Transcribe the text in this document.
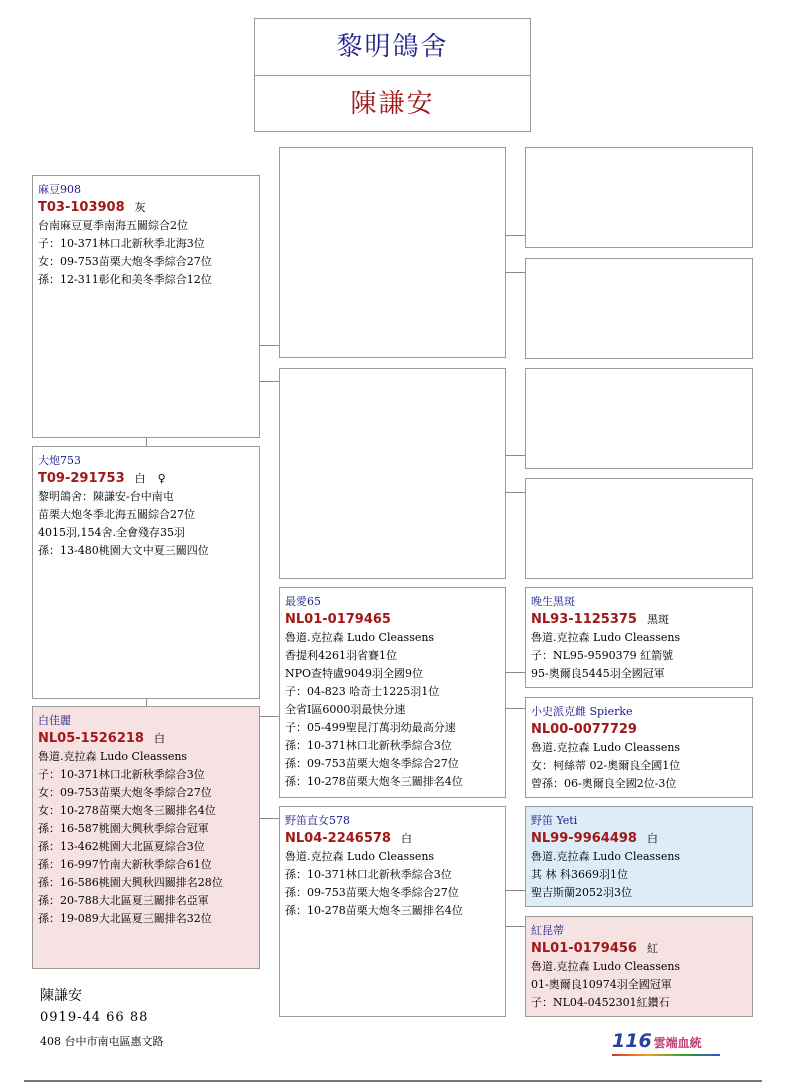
黎明鴿舍
陳謙安
麻豆908
T03-103908 灰
台南麻豆夏季南海五關綜合2位
子：10-371林口北新秋季北海3位
女：09-753苗栗大炮冬季綜合27位
孫：12-311彰化和美冬季綜合12位
大炮753
T09-291753 白 ♀
黎明鴿舍：陳謙安-台中南屯
苗栗大炮冬季北海五關綜合27位
4015羽,154舍.全會殘存35羽
孫：13-480桃園大文中夏三關四位
白佳麗
NL05-1526218 白
魯道.克拉森 Ludo Cleassens
子：10-371林口北新秋季綜合3位
女：09-753苗栗大炮冬季綜合27位
女：10-278苗栗大炮冬三關排名4位
孫：16-587桃園大興秋季綜合冠軍
孫：13-462桃園大北區夏綜合3位
孫：16-997竹南大新秋季綜合61位
孫：16-586桃園大興秋四關排名28位
孫：20-788大北區夏三關排名亞軍
孫：19-089大北區夏三關排名32位
最愛65
NL01-0179465
魯道.克拉森 Ludo Cleassens
香提利4261羽省賽1位
NPO查特盧9049羽全國9位
子：04-823 哈奇士1225羽1位
全省I區6000羽最快分速
子：05-499聖昆汀萬羽幼最高分速
孫：10-371林口北新秋季綜合3位
孫：09-753苗栗大炮冬季綜合27位
孫：10-278苗栗大炮冬三關排名4位
野笛直女578
NL04-2246578 白
魯道.克拉森 Ludo Cleassens
孫：10-371林口北新秋季綜合3位
孫：09-753苗栗大炮冬季綜合27位
孫：10-278苗栗大炮冬三關排名4位
晚生黑斑
NL93-1125375 黑斑
魯道.克拉森 Ludo Cleassens
子：NL95-9590379 紅箭號
95-奧爾良5445羽全國冠軍
小史派克雌 Spierke
NL00-0077729
魯道.克拉森 Ludo Cleassens
女：柯絲蒂 02-奧爾良全國1位
曾孫：06-奧爾良全國2位-3位
野笛 Yeti
NL99-9964498 白
魯道.克拉森 Ludo Cleassens
其 林 科3669羽1位
聖吉斯蘭2052羽3位
紅昆蒂
NL01-0179456 紅
魯道.克拉森 Ludo Cleassens
01-奧爾良10974羽全國冠軍
子：NL04-0452301紅鑽石
陳謙安
0919-44 66 88
408 台中市南屯區惠文路	116 雲端血統
